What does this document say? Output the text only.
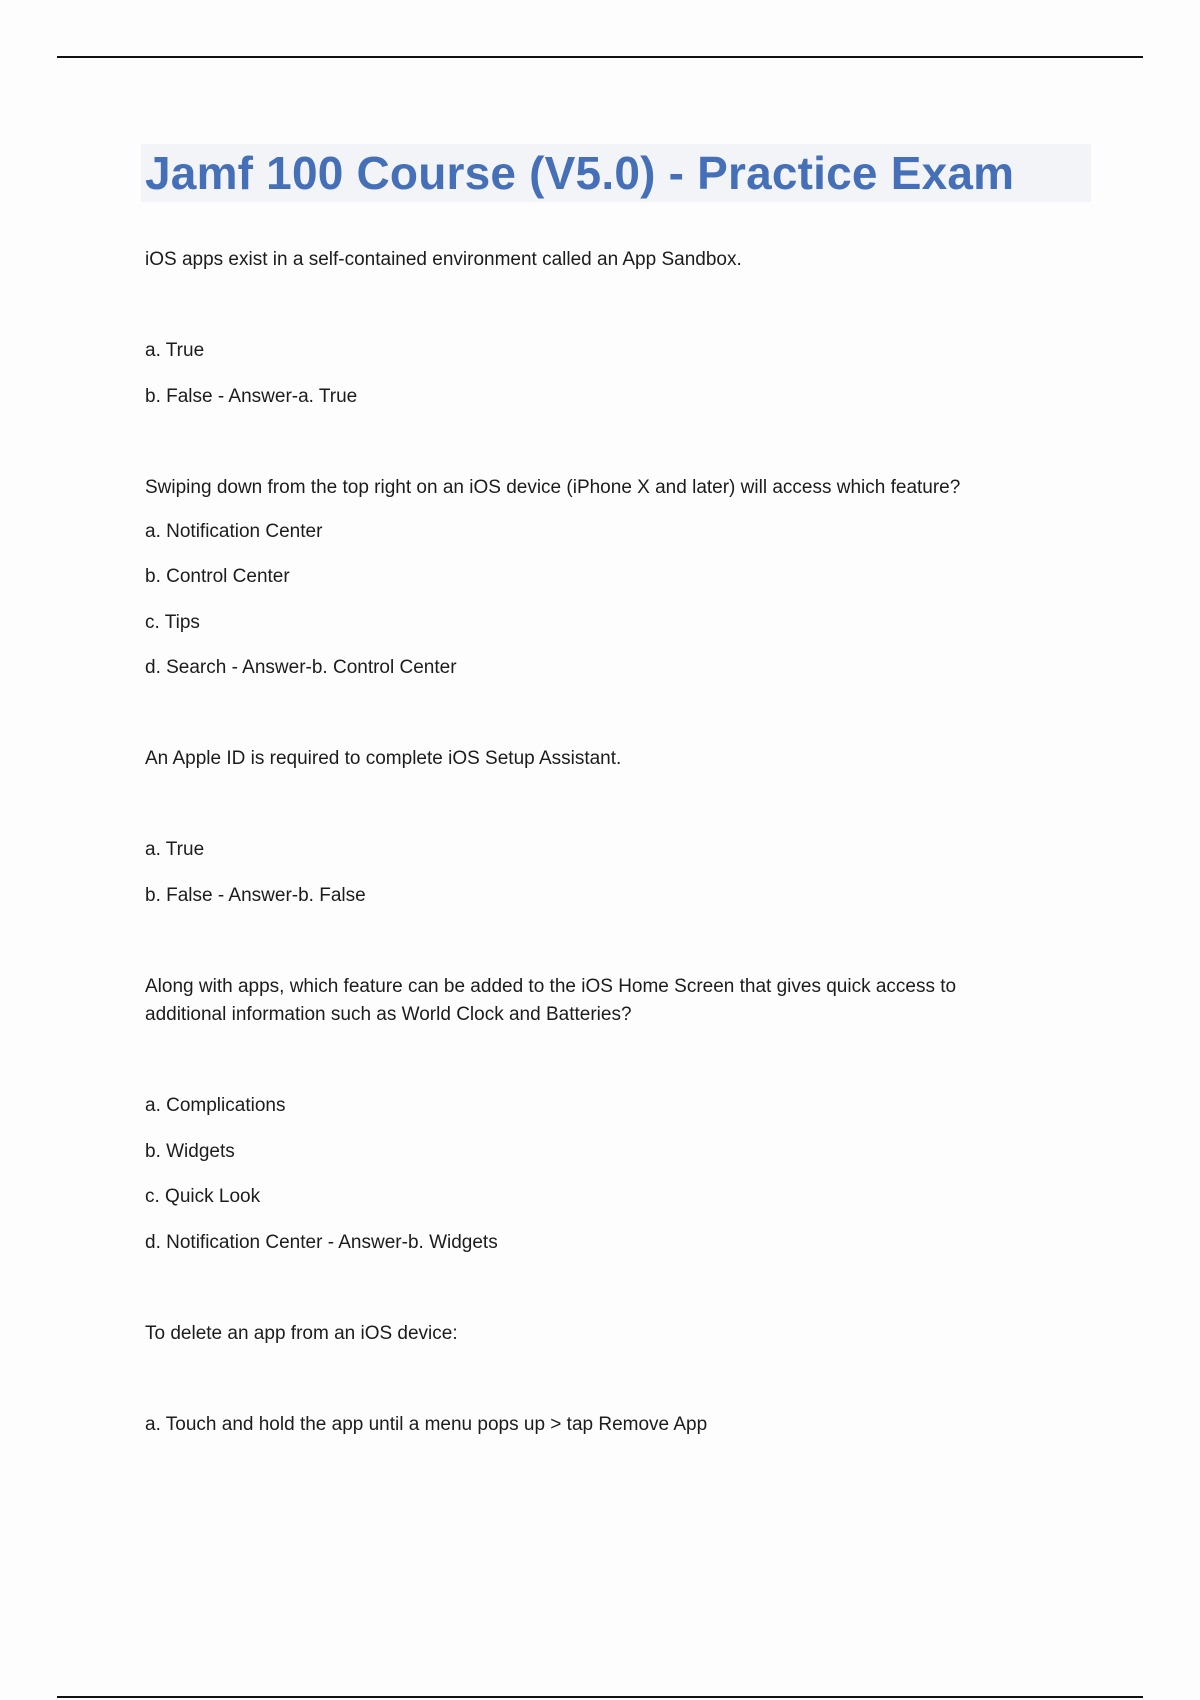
Jamf 100 Course (V5.0) - Practice Exam
iOS apps exist in a self-contained environment called an App Sandbox.
a. True
b. False - Answer-a. True
Swiping down from the top right on an iOS device (iPhone X and later) will access which feature?
a. Notification Center
b. Control Center
c. Tips
d. Search - Answer-b. Control Center
An Apple ID is required to complete iOS Setup Assistant.
a. True
b. False - Answer-b. False
Along with apps, which feature can be added to the iOS Home Screen that gives quick access to
additional information such as World Clock and Batteries?
a. Complications
b. Widgets
c. Quick Look
d. Notification Center - Answer-b. Widgets
To delete an app from an iOS device:
a. Touch and hold the app until a menu pops up > tap Remove App
